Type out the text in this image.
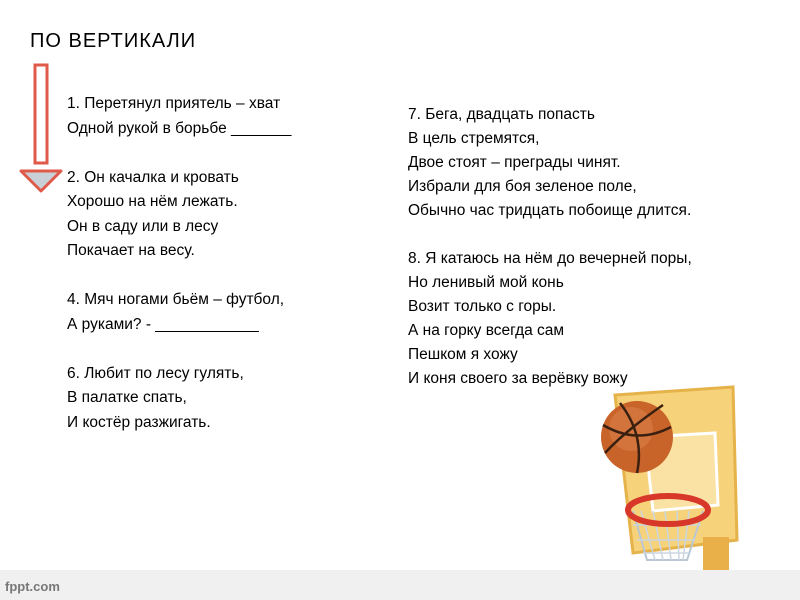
ПО ВЕРТИКАЛИ
1. Перетянул приятель – хват
Одной рукой в борьбе _______
2. Он качалка и кровать
Хорошо на нём лежать.
Он в саду или в лесу
Покачает на весу.
4. Мяч ногами бьём – футбол,
А руками? - ____________
6. Любит по лесу гулять,
В палатке спать,
И костёр разжигать.
7. Бега, двадцать попасть
В цель стремятся,
Двое стоят – преграды чинят.
Избрали для боя зеленое поле,
Обычно час тридцать побоище длится.
8. Я катаюсь на нём до вечерней поры,
Но ленивый мой конь
Возит только с горы.
А на горку всегда сам
Пешком я хожу
И коня своего за верёвку вожу
fppt.com
